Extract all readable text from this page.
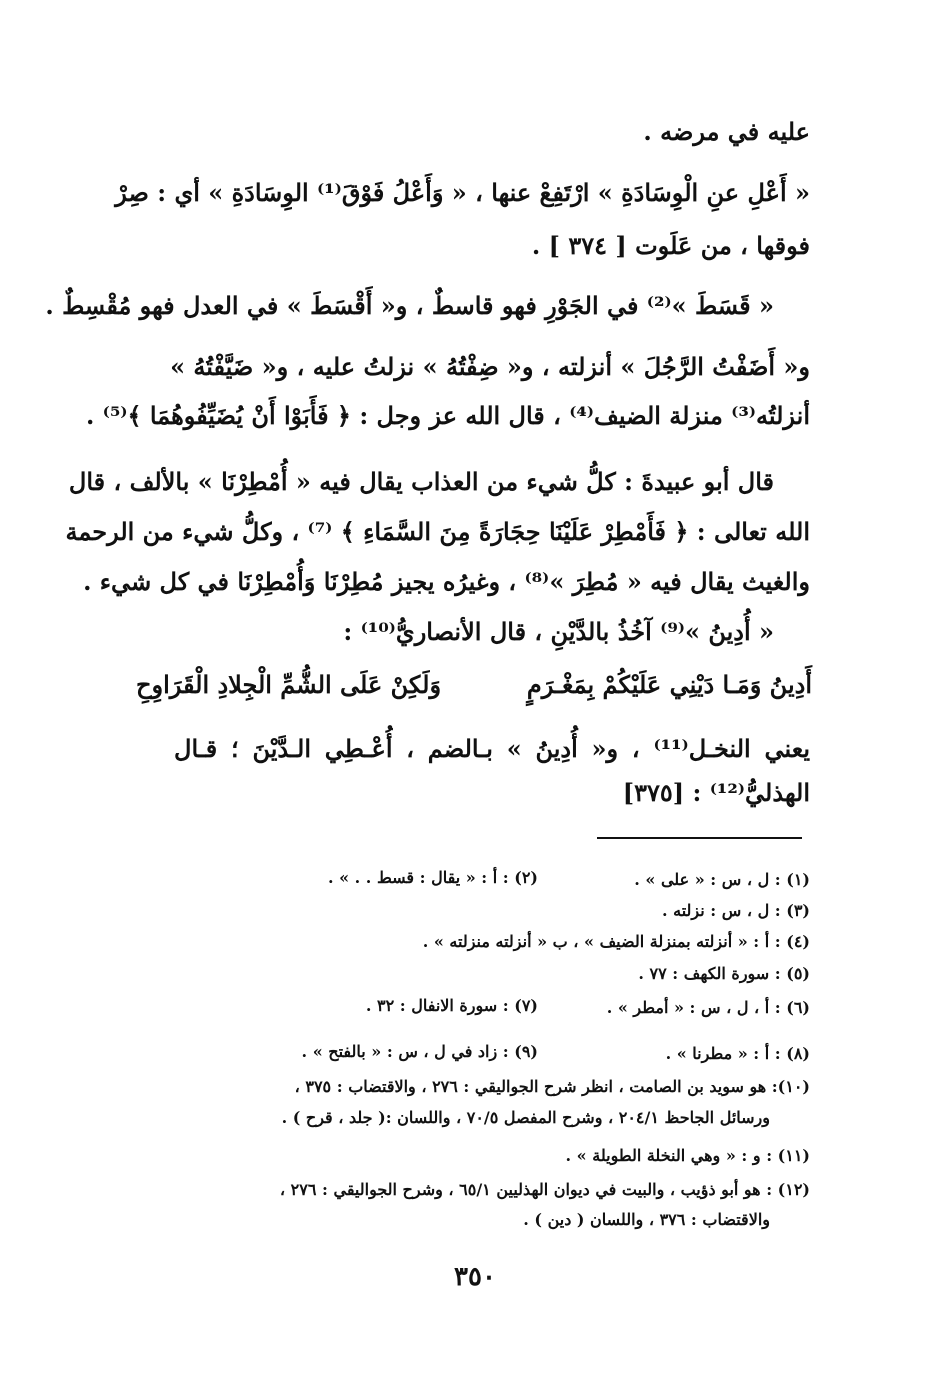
عليه في مرضه .
« أَعْلِ عنِ الْوِسَادَةِ » ارْتَفِعْ عنها ، « وَأَعْلُ فَوْقَ⁽¹⁾ الوِسَادَةِ » أي : صِرْ
فوقها ، من عَلَوت [ ٣٧٤ ] .
« قَسَطَ »⁽²⁾ في الجَوْرِ فهو قاسطٌ ، و« أَقْسَطَ » في العدل فهو مُقْسِطٌ .
و« أَضَفْتُ الرَّجُلَ » أنزلته ، و« ضِفْتُهُ » نزلتُ عليه ، و« ضَيَّفْتُهُ »
أنزلتُه⁽³⁾ منزلة الضيف⁽⁴⁾ ، قال الله عز وجل : ﴿ فَأَبَوْا أَنْ يُضَيِّفُوهُمَا ﴾⁽⁵⁾ .
قال أبو عبيدةَ : كلُّ شيء من العذاب يقال فيه « أُمْطِرْنَا » بالألف ، قال
الله تعالى : ﴿ فَأَمْطِرْ عَلَيْنَا حِجَارَةً مِنَ السَّمَاءِ ﴾ ⁽⁷⁾ ، وكلُّ شيء من الرحمة
والغيث يقال فيه « مُطِرَ »⁽⁸⁾ ، وغيرُه يجيز مُطِرْنَا وَأُمْطِرْنَا في كل شيء .
« أُدِينُ »⁽⁹⁾ آخُذُ بالدَّيْنِ ، قال الأنصاريُّ⁽¹⁰⁾ :
أَدِينُ وَمَـا دَيْنِي عَلَيْكُمْ بِمَغْـرَمٍ
وَلَكِنْ عَلَى الشُّمِّ الْجِلادِ الْقَرَاوِحِ
يعني النخـل⁽¹¹⁾ ، و« أُدِينُ » بـالضم ، أُعْـطِي الـدَّيْنَ ؛ قـال
الهذليُّ⁽¹²⁾ : [٣٧٥]
(١) : ل ، س : « على » .
(٢) : أ : « يقال : قسط . . » .
(٣) : ل ، س : نزلته .
(٤) : أ : « أنزلته بمنزلة الضيف » ، ب « أنزلته منزلته » .
(٥) : سورة الكهف : ٧٧ .
(٦) : أ ، ل ، س : « أمطر » .
(٧) : سورة الانفال : ٣٢ .
(٨) : أ : « مطرنا » .
(٩) : زاد في ل ، س : « بالفتح » .
(١٠): هو سويد بن الصامت ، انظر شرح الجواليقي : ٢٧٦ ، والاقتضاب : ٣٧٥ ،
ورسائل الجاحظ ٢٠٤/١ ، وشرح المفصل ٧٠/٥ ، واللسان :( جلد ، قرح ) .
(١١) : و : « وهي النخلة الطويلة » .
(١٢) : هو أبو ذؤيب ، والبيت في ديوان الهذليين ٦٥/١ ، وشرح الجواليقي : ٢٧٦ ،
والاقتضاب : ٣٧٦ ، واللسان ( دين ) .
٣٥٠
